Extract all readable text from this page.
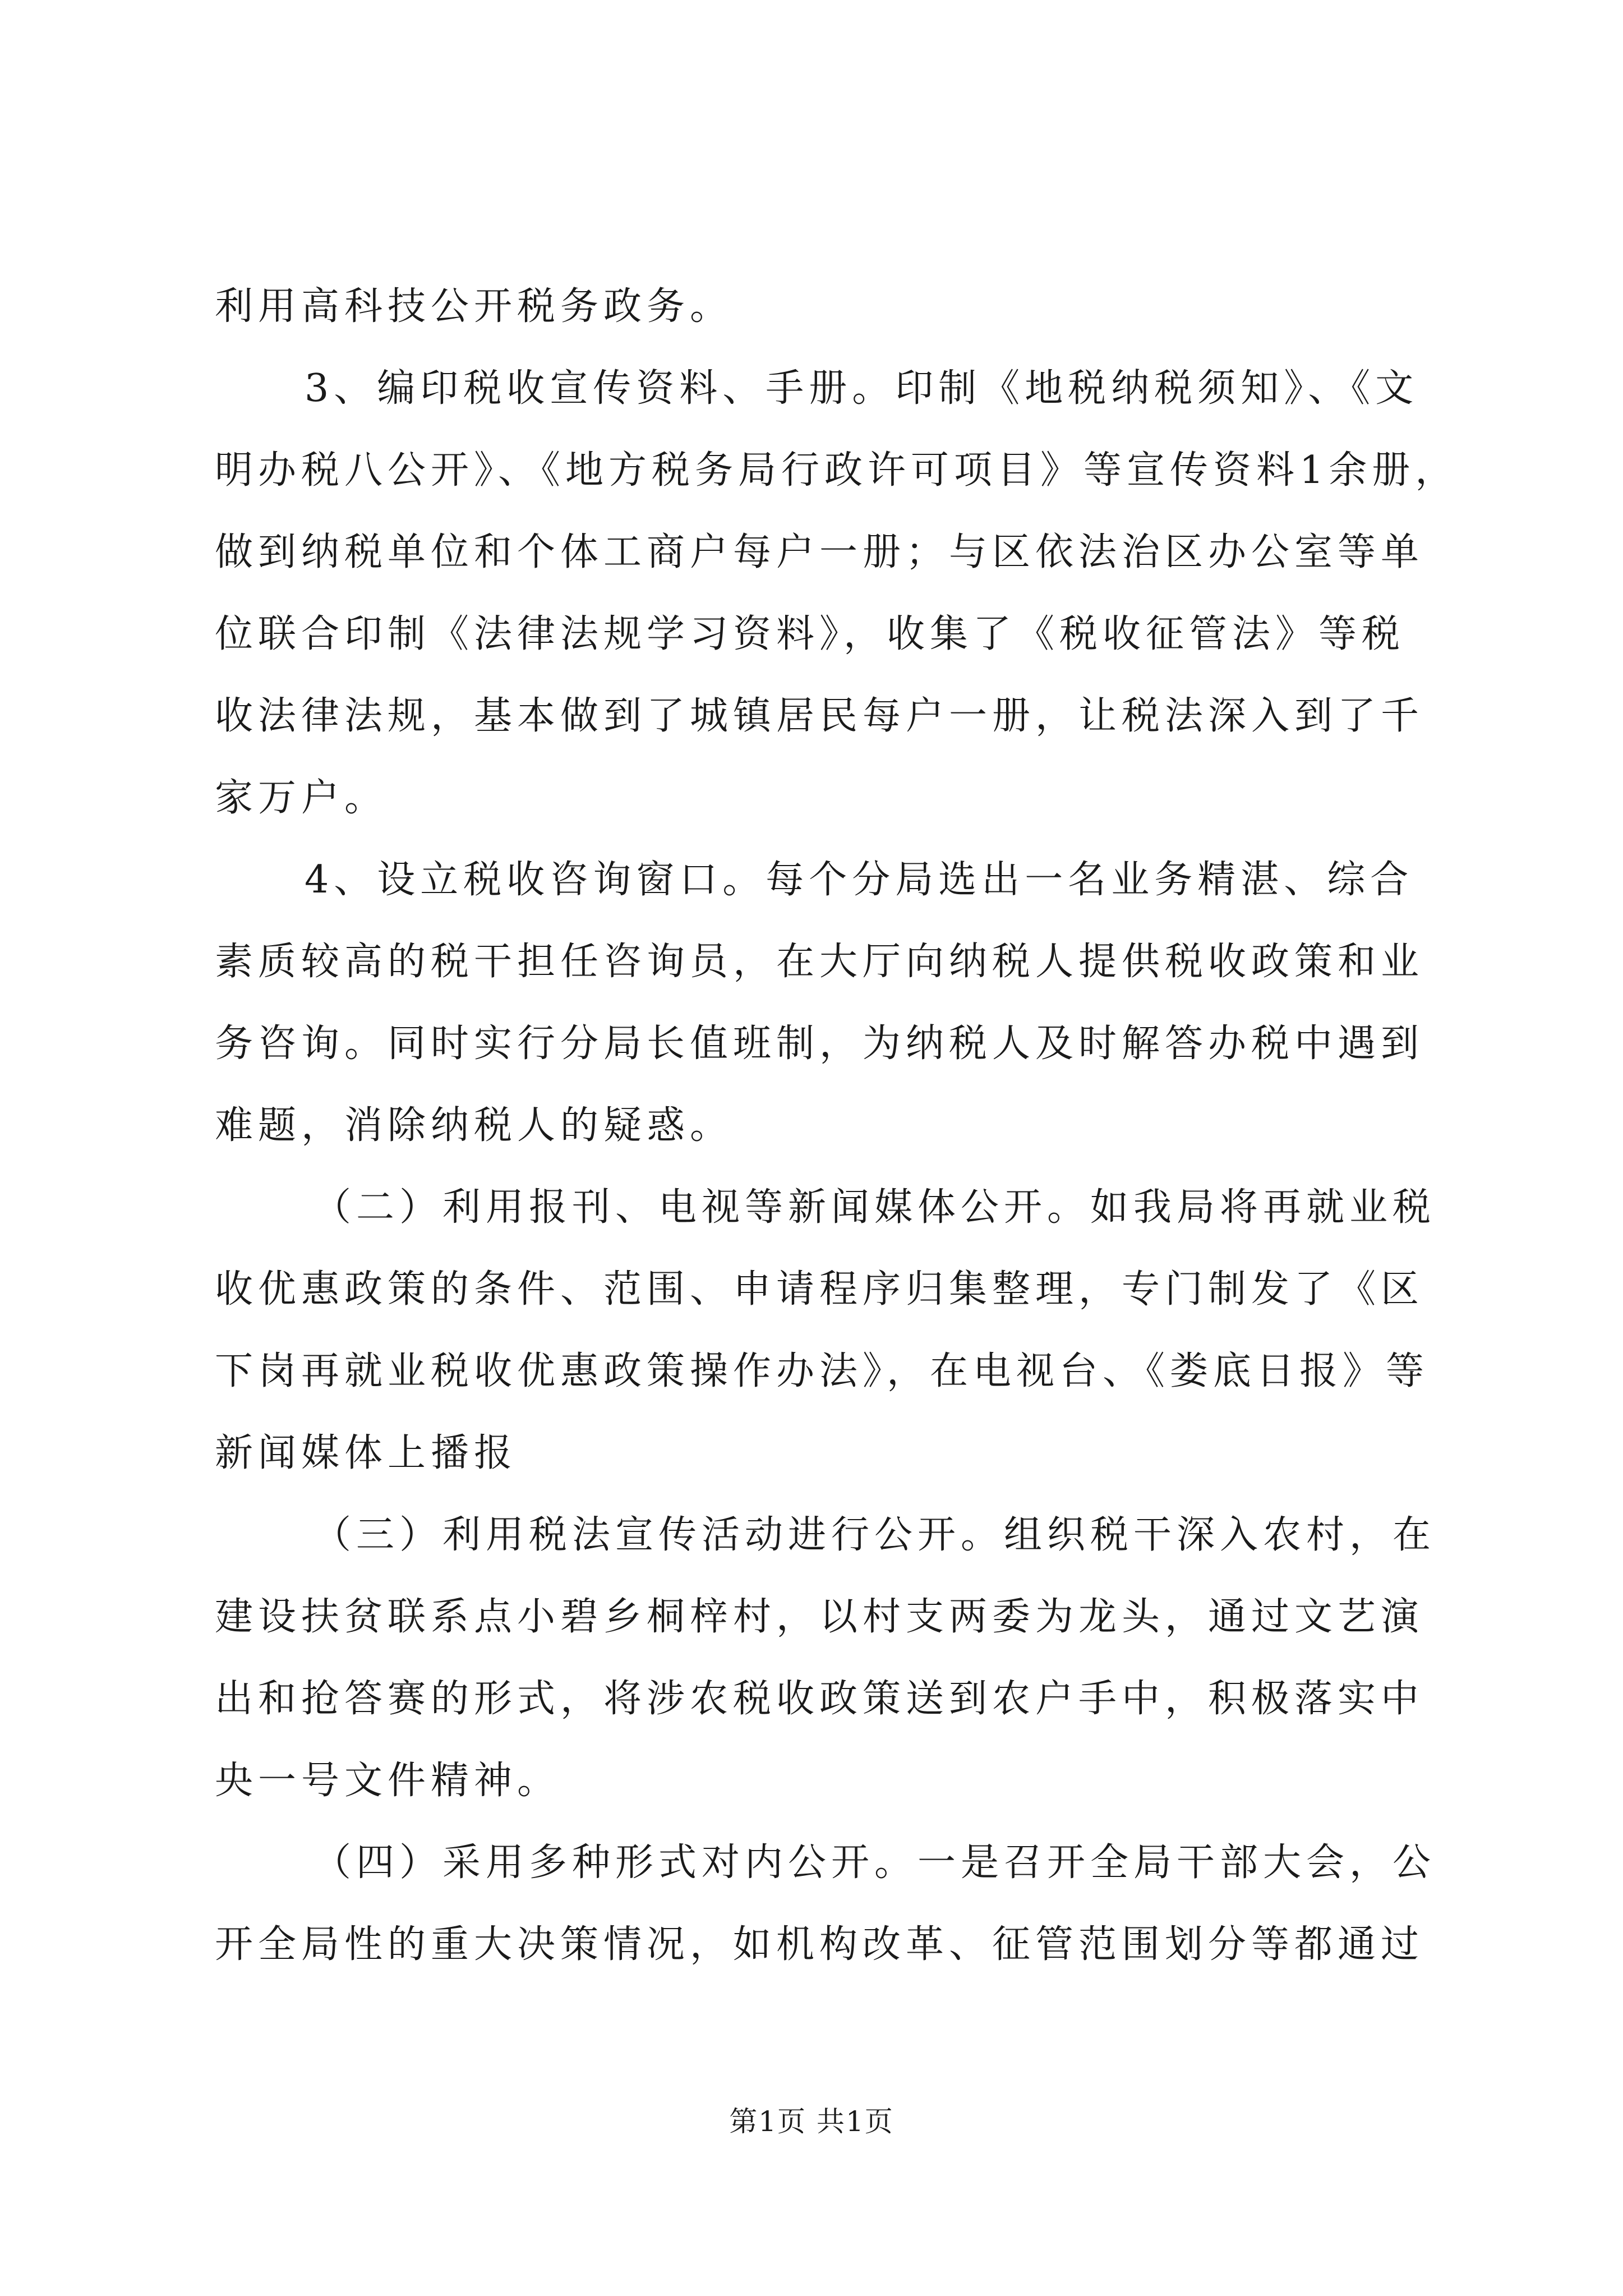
利用高科技公开税务政务。
3、编印税收宣传资料、手册。印制《地税纳税须知》、《文
明办税八公开》、《地方税务局行政许可项目》等宣传资料1余册，
做到纳税单位和个体工商户每户一册；与区依法治区办公室等单
位联合印制《法律法规学习资料》，收集了《税收征管法》等税
收法律法规，基本做到了城镇居民每户一册，让税法深入到了千
家万户。
4、设立税收咨询窗口。每个分局选出一名业务精湛、综合
素质较高的税干担任咨询员，在大厅向纳税人提供税收政策和业
务咨询。同时实行分局长值班制，为纳税人及时解答办税中遇到
难题，消除纳税人的疑惑。
（二）利用报刊、电视等新闻媒体公开。如我局将再就业税
收优惠政策的条件、范围、申请程序归集整理，专门制发了《区
下岗再就业税收优惠政策操作办法》，在电视台、《娄底日报》等
新闻媒体上播报
（三）利用税法宣传活动进行公开。组织税干深入农村，在
建设扶贫联系点小碧乡桐梓村，以村支两委为龙头，通过文艺演
出和抢答赛的形式，将涉农税收政策送到农户手中，积极落实中
央一号文件精神。
（四）采用多种形式对内公开。一是召开全局干部大会，公
开全局性的重大决策情况，如机构改革、征管范围划分等都通过
第1页 共1页
